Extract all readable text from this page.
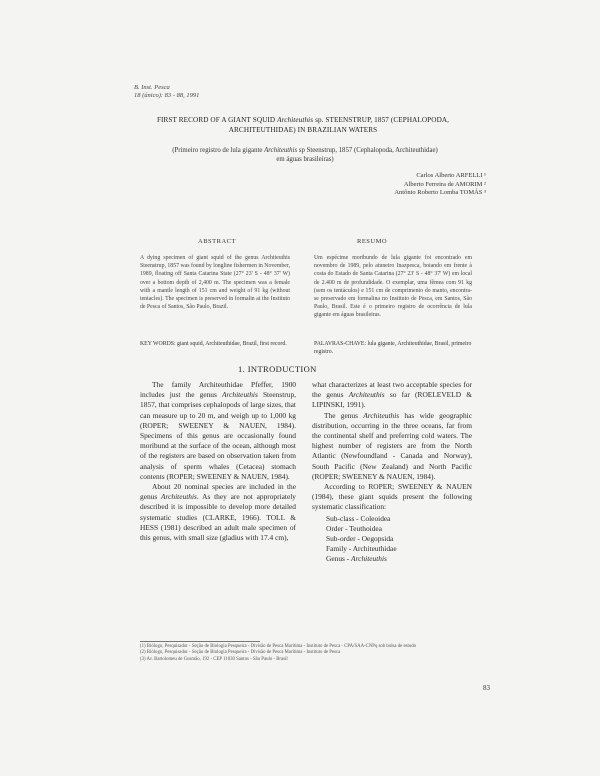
B. Inst. Pesca
18 (único): 83 - 88, 1991
FIRST RECORD OF A GIANT SQUID Architeuthis sp. STEENSTRUP, 1857 (CEPHALOPODA,
ARCHITEUTHIDAE) IN BRAZILIAN WATERS
(Primeiro registro de lula gigante Architeuthis sp Steenstrup, 1857 (Cephalopoda, Architeuthidae)
em águas brasileiras)
Carlos Alberto ARFELLI ¹
Alberto Ferreira de AMORIM ²
Antônio Roberto Lomba TOMÁS ³
ABSTRACT
A dying specimen of giant squid of the genus Architeuthis Steenstrup, 1857 was found by longline fishermen in November, 1989, floating off Santa Catarina State (27° 23' S - 48° 37' W) over a bottom depth of 2,400 m. The specimen was a female with a mantle length of 151 cm and weight of 91 kg (without tentacles). The specimen is preserved in formalin at the Instituto de Pesca of Santos, São Paulo, Brazil.
KEY WORDS: giant squid, Architeuthidae, Brazil, first record.
RESUMO
Um espécime moribundo de lula gigante foi encontrado em novembro de 1989, pelo atuneiro Inazpesca, boiando em frente à costa do Estado de Santa Catarina (27° 23' S - 48° 37' W) em local de 2.400 m de profundidade. O exemplar, uma fêmea com 91 kg (sem os tentáculos) e 151 cm de comprimento do manto, encontra-se preservado em formalina no Instituto de Pesca, em Santos, São Paulo, Brasil. Este é o primeiro registro de ocorrência de lula gigante em águas brasileiras.
PALAVRAS-CHAVE: lula gigante, Architeuthidae, Brasil, primeiro registro.
1. INTRODUCTION

The family Architeuthidae Pfeffer, 1900 includes just the genus Architeuthis Steenstrup, 1857, that comprises cephalopods of large sizes, that can measure up to 20 m, and weigh up to 1,000 kg (ROPER; SWEENEY & NAUEN, 1984). Specimens of this genus are occasionally found moribund at the surface of the ocean, although most of the registers are based on observation taken from analysis of sperm whales (Cetacea) stomach contents (ROPER; SWEENEY & NAUEN, 1984).

About 20 nominal species are included in the genus Architeuthis. As they are not appropriately described it is impossible to develop more detailed systematic studies (CLARKE, 1966). TOLL & HESS (1981) described an adult male specimen of this genus, with small size (gladius with 17.4 cm),

what characterizes at least two acceptable species for the genus Architeuthis so far (ROELEVELD & LIPINSKI, 1991).

The genus Architeuthis has wide geographic distribution, occurring in the three oceans, far from the continental shelf and preferring cold waters. The highest number of registers are from the North Atlantic (Newfoundland - Canada and Norway), South Pacific (New Zealand) and North Pacific (ROPER; SWEENEY & NAUEN, 1984).

According to ROPER; SWEENEY & NAUEN (1984), these giant squids present the following systematic classification:

Sub-class - Coleoidea
Order - Teuthoidea
Sub-order - Oegopsida
Family - Architeuthidae
Genus - Architeuthis
(1) Biólogo, Pesquisador - Seção de Biologia Pesqueira - Divisão de Pesca Marítima - Instituto de Pesca - CPA/SAA-CNPq sob bolsa de estudo
(2) Biólogo, Pesquisador - Seção de Biologia Pesqueira - Divisão de Pesca Marítima - Instituto de Pesca
(3) Av. Bartolomeu de Gusmão, 192 - CEP 11030 Santos - São Paulo - Brasil
83
